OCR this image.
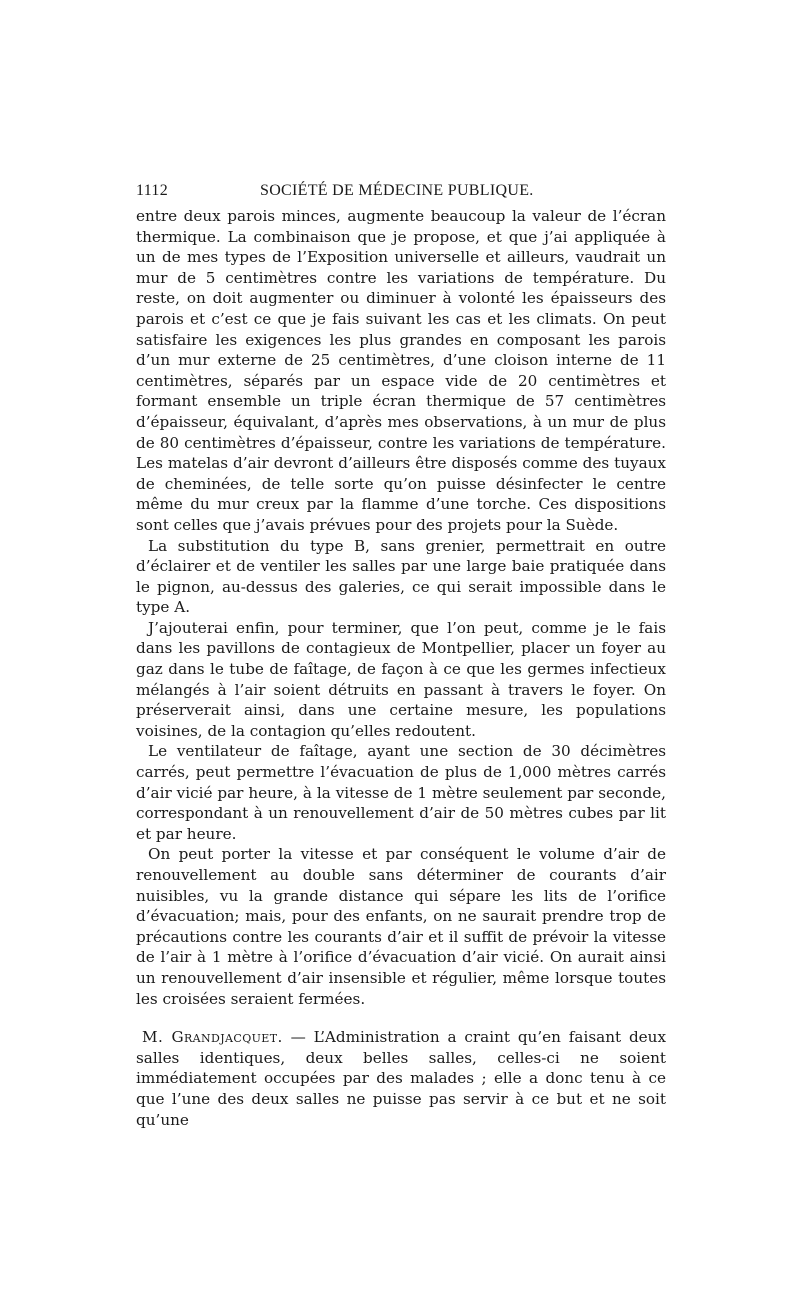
1112	SOCIÉTÉ DE MÉDECINE PUBLIQUE.

entre deux parois minces, augmente beaucoup la valeur de l’écran thermique. La combinaison que je propose, et que j’ai appliquée à un de mes types de l’Exposition universelle et ailleurs, vaudrait un mur de 5 centimètres contre les variations de température. Du reste, on doit augmenter ou diminuer à volonté les épaisseurs des parois et c’est ce que je fais suivant les cas et les climats. On peut satisfaire les exigences les plus grandes en composant les parois d’un mur externe de 25 centimètres, d’une cloison interne de 11 centimètres, séparés par un espace vide de 20 centimètres et formant ensemble un triple écran thermique de 57 centimètres d’épaisseur, équivalant, d’après mes observations, à un mur de plus de 80 centimètres d’épaisseur, contre les variations de température. Les matelas d’air devront d’ailleurs être disposés comme des tuyaux de cheminées, de telle sorte qu’on puisse désinfecter le centre même du mur creux par la flamme d’une torche. Ces dispositions sont celles que j’avais prévues pour des projets pour la Suède.

La substitution du type B, sans grenier, permettrait en outre d’éclairer et de ventiler les salles par une large baie pratiquée dans le pignon, au-dessus des galeries, ce qui serait impossible dans le type A.

J’ajouterai enfin, pour terminer, que l’on peut, comme je le fais dans les pavillons de contagieux de Montpellier, placer un foyer au gaz dans le tube de faîtage, de façon à ce que les germes infectieux mélangés à l’air soient détruits en passant à travers le foyer. On préserverait ainsi, dans une certaine mesure, les populations voisines, de la contagion qu’elles redoutent.

Le ventilateur de faîtage, ayant une section de 30 décimètres carrés, peut permettre l’évacuation de plus de 1,000 mètres carrés d’air vicié par heure, à la vitesse de 1 mètre seulement par seconde, correspondant à un renouvellement d’air de 50 mètres cubes par lit et par heure.

On peut porter la vitesse et par conséquent le volume d’air de renouvellement au double sans déterminer de courants d’air nuisibles, vu la grande distance qui sépare les lits de l’orifice d’évacuation; mais, pour des enfants, on ne saurait prendre trop de précautions contre les courants d’air et il suffit de prévoir la vitesse de l’air à 1 mètre à l’orifice d’évacuation d’air vicié. On aurait ainsi un renouvellement d’air insensible et régulier, même lorsque toutes les croisées seraient fermées.

M. Grandjacquet. — L’Administration a craint qu’en faisant deux salles identiques, deux belles salles, celles-ci ne soient immédiatement occupées par des malades ; elle a donc tenu à ce que l’une des deux salles ne puisse pas servir à ce but et ne soit qu’une
